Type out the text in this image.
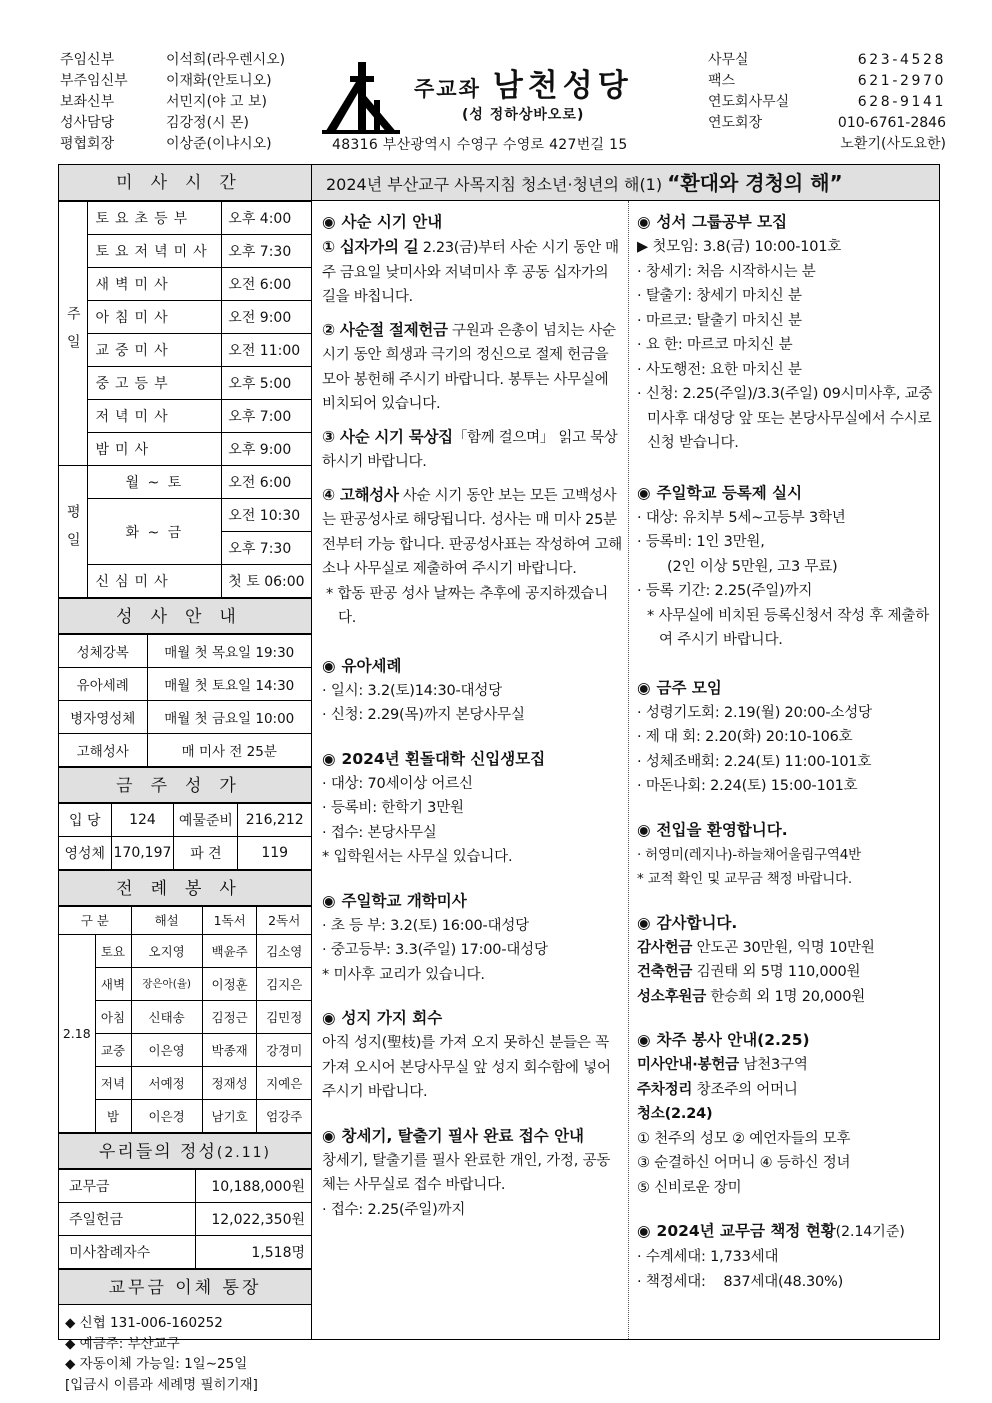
주임신부	이석희(라우렌시오)
부주임신부	이재화(안토니오)
보좌신부	서민지(야 고 보)
성사담당	김강정(시 몬)
평협회장	이상준(이냐시오)
주교좌 남천성당
(성 정하상바오로)
48316 부산광역시 수영구 수영로 427번길 15
사무실	623-4528
팩스	621-2970
연도회사무실	628-9141
연도회장	010-6761-2846
노환기(사도요한)
미사시간
주일	토요초등부	오후 4:00
	토요저녁미사	오후 7:30
	새벽미사	오전 6:00
	아침미사	오전 9:00
	교중미사	오전 11:00
	중고등부	오후 5:00
	저녁미사	오후 7:00
	밤미사	오후 9:00
평일	월 ~ 토	오전 6:00
	화 ~ 금	오전 10:30
		오후 7:30
	신심미사	첫 토 06:00
성사안내
성체강복	매월 첫 목요일 19:30
유아세례	매월 첫 토요일 14:30
병자영성체	매월 첫 금요일 10:00
고해성사	매 미사 전 25분
금주성가
입 당	124	예물준비	216,212
영성체	170,197	파 견	119
전례봉사
구 분		해설	1독서	2독서
2.18	토요	오지영	백윤주	김소영
	새벽	장은아(율)	이정훈	김지은
	아침	신태송	김정근	김민정
	교중	이은영	박종재	강경미
	저녁	서예정	정재성	지예은
	밤	이은경	남기호	엄강주
우리들의 정성(2.11)
교무금	10,188,000원
주일헌금	12,022,350원
미사참례자수	1,518명
교무금 이체 통장
◆ 신협 131-006-160252
◆ 예금주: 부산교구
◆ 자동이체 가능일: 1일∼25일
[입금시 이름과 세례명 필히기재]
2024년 부산교구 사목지침 청소년·청년의 해(1) “환대와 경청의 해”
◉ 사순 시기 안내
① 십자가의 길 2.23(금)부터 사순 시기 동안 매주 금요일 낮미사와 저녁미사 후 공동 십자가의 길을 바칩니다.
② 사순절 절제헌금 구원과 은총이 넘치는 사순 시기 동안 희생과 극기의 정신으로 절제 헌금을 모아 봉헌해 주시기 바랍니다. 봉투는 사무실에 비치되어 있습니다.
③ 사순 시기 묵상집「함께 걸으며」 읽고 묵상 하시기 바랍니다.
④ 고해성사 사순 시기 동안 보는 모든 고백성사는 판공성사로 해당됩니다. 성사는 매 미사 25분전부터 가능 합니다. 판공성사표는 작성하여 고해소나 사무실로 제출하여 주시기 바랍니다.
* 합동 판공 성사 날짜는 추후에 공지하겠습니다.
◉ 유아세례
· 일시: 3.2(토)14:30-대성당
· 신청: 2.29(목)까지 본당사무실
◉ 2024년 횐돌대학 신입생모집
· 대상: 70세이상 어르신
· 등록비: 한학기 3만원
· 접수: 본당사무실
* 입학원서는 사무실 있습니다.
◉ 주일학교 개학미사
· 초 등 부: 3.2(토) 16:00-대성당
· 중고등부: 3.3(주일) 17:00-대성당
* 미사후 교리가 있습니다.
◉ 성지 가지 회수
아직 성지(聖枝)를 가져 오지 못하신 분들은 꼭 가져 오시어 본당사무실 앞 성지 회수함에 넣어 주시기 바랍니다.
◉ 창세기, 탈출기 필사 완료 접수 안내
창세기, 탈출기를 필사 완료한 개인, 가정, 공동체는 사무실로 접수 바랍니다.
· 접수: 2.25(주일)까지
◉ 성서 그룹공부 모집
▶ 첫모임: 3.8(금) 10:00-101호
· 창세기: 처음 시작하시는 분
· 탈출기: 창세기 마치신 분
· 마르코: 탈출기 마치신 분
· 요 한: 마르코 마치신 분
· 사도행전: 요한 마치신 분
· 신청: 2.25(주일)/3.3(주일) 09시미사후, 교중미사후 대성당 앞 또는 본당사무실에서 수시로 신청 받습니다.
◉ 주일학교 등록제 실시
· 대상: 유치부 5세~고등부 3학년
· 등록비: 1인 3만원,
(2인 이상 5만원, 고3 무료)
· 등록 기간: 2.25(주일)까지
* 사무실에 비치된 등록신청서 작성 후 제출하여 주시기 바랍니다.
◉ 금주 모임
· 성령기도회: 2.19(월) 20:00-소성당
· 제 대 회: 2.20(화) 20:10-106호
· 성체조배회: 2.24(토) 11:00-101호
· 마돈나회: 2.24(토) 15:00-101호
◉ 전입을 환영합니다.
· 허영미(레지나)-하늘채어울림구역4반
* 교적 확인 및 교무금 책정 바랍니다.
◉ 감사합니다.
감사헌금 안도곤 30만원, 익명 10만원
건축헌금 김권태 외 5명 110,000원
성소후원금 한승희 외 1명 20,000원
◉ 차주 봉사 안내(2.25)
미사안내·봉헌금 남천3구역
주차정리 창조주의 어머니
청소(2.24)
① 천주의 성모 ② 예언자들의 모후
③ 순결하신 어머니 ④ 등하신 정녀
⑤ 신비로운 장미
◉ 2024년 교무금 책정 현황(2.14기준)
· 수계세대: 1,733세대
· 책정세대:    837세대(48.30%)
